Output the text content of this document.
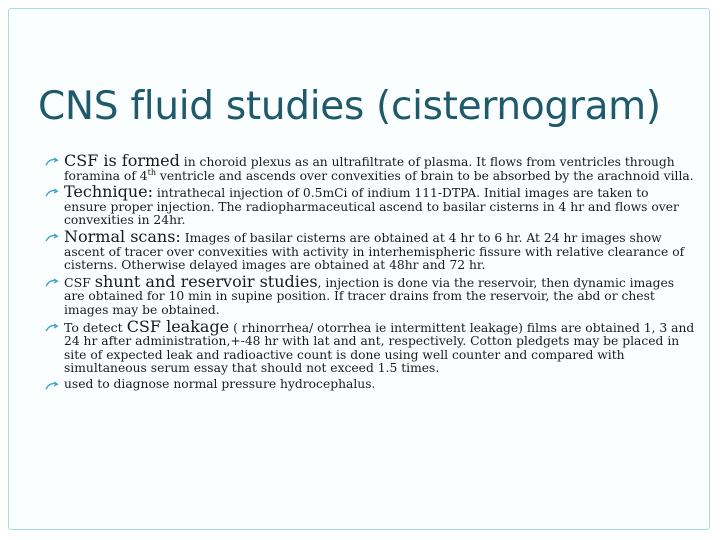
CNS fluid studies (cisternogram)
CSF is formed in choroid plexus as an ultrafiltrate of plasma. It flows from ventricles through foramina of 4th ventricle and ascends over convexities of brain to be absorbed by the arachnoid villa.
Technique: intrathecal injection of 0.5mCi of indium 111-DTPA. Initial images are taken to ensure proper injection. The radiopharmaceutical ascend to basilar cisterns in 4 hr and flows over convexities in 24hr.
Normal scans: Images of basilar cisterns are obtained at 4 hr to 6 hr. At 24 hr images show ascent of tracer over convexities with activity in interhemispheric fissure with relative clearance of cisterns. Otherwise delayed images are obtained at 48hr and 72 hr.
CSF shunt and reservoir studies, injection is done via the reservoir, then dynamic images are obtained for 10 min in supine position. If tracer drains from the reservoir, the abd or chest images may be obtained.
To detect CSF leakage ( rhinorrhea/ otorrhea ie intermittent leakage) films are obtained 1, 3 and 24 hr after administration,+-48 hr with lat and ant, respectively. Cotton pledgets may be placed in site of expected leak and radioactive count is done using well counter and compared with simultaneous serum essay that should not exceed 1.5 times.
used to diagnose normal pressure hydrocephalus.
